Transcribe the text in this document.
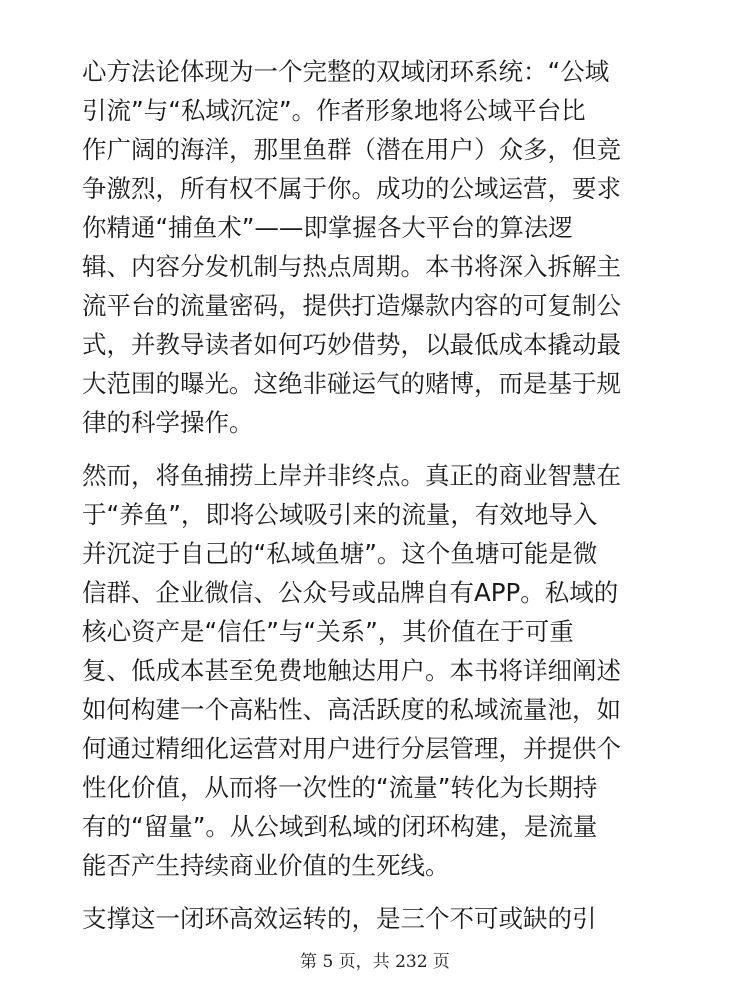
心方法论体现为一个完整的双域闭环系统：“公域
引流”与“私域沉淀”。作者形象地将公域平台比
作广阔的海洋，那里鱼群（潜在用户）众多，但竞
争激烈，所有权不属于你。成功的公域运营，要求
你精通“捕鱼术”——即掌握各大平台的算法逻
辑、内容分发机制与热点周期。本书将深入拆解主
流平台的流量密码，提供打造爆款内容的可复制公
式，并教导读者如何巧妙借势，以最低成本撬动最
大范围的曝光。这绝非碰运气的赌博，而是基于规
律的科学操作。
然而，将鱼捕捞上岸并非终点。真正的商业智慧在
于“养鱼”，即将公域吸引来的流量，有效地导入
并沉淀于自己的“私域鱼塘”。这个鱼塘可能是微
信群、企业微信、公众号或品牌自有APP。私域的
核心资产是“信任”与“关系”，其价值在于可重
复、低成本甚至免费地触达用户。本书将详细阐述
如何构建一个高粘性、高活跃度的私域流量池，如
何通过精细化运营对用户进行分层管理，并提供个
性化价值，从而将一次性的“流量”转化为长期持
有的“留量”。从公域到私域的闭环构建，是流量
能否产生持续商业价值的生死线。
支撑这一闭环高效运转的，是三个不可或缺的引
第 5 页，共 232 页
